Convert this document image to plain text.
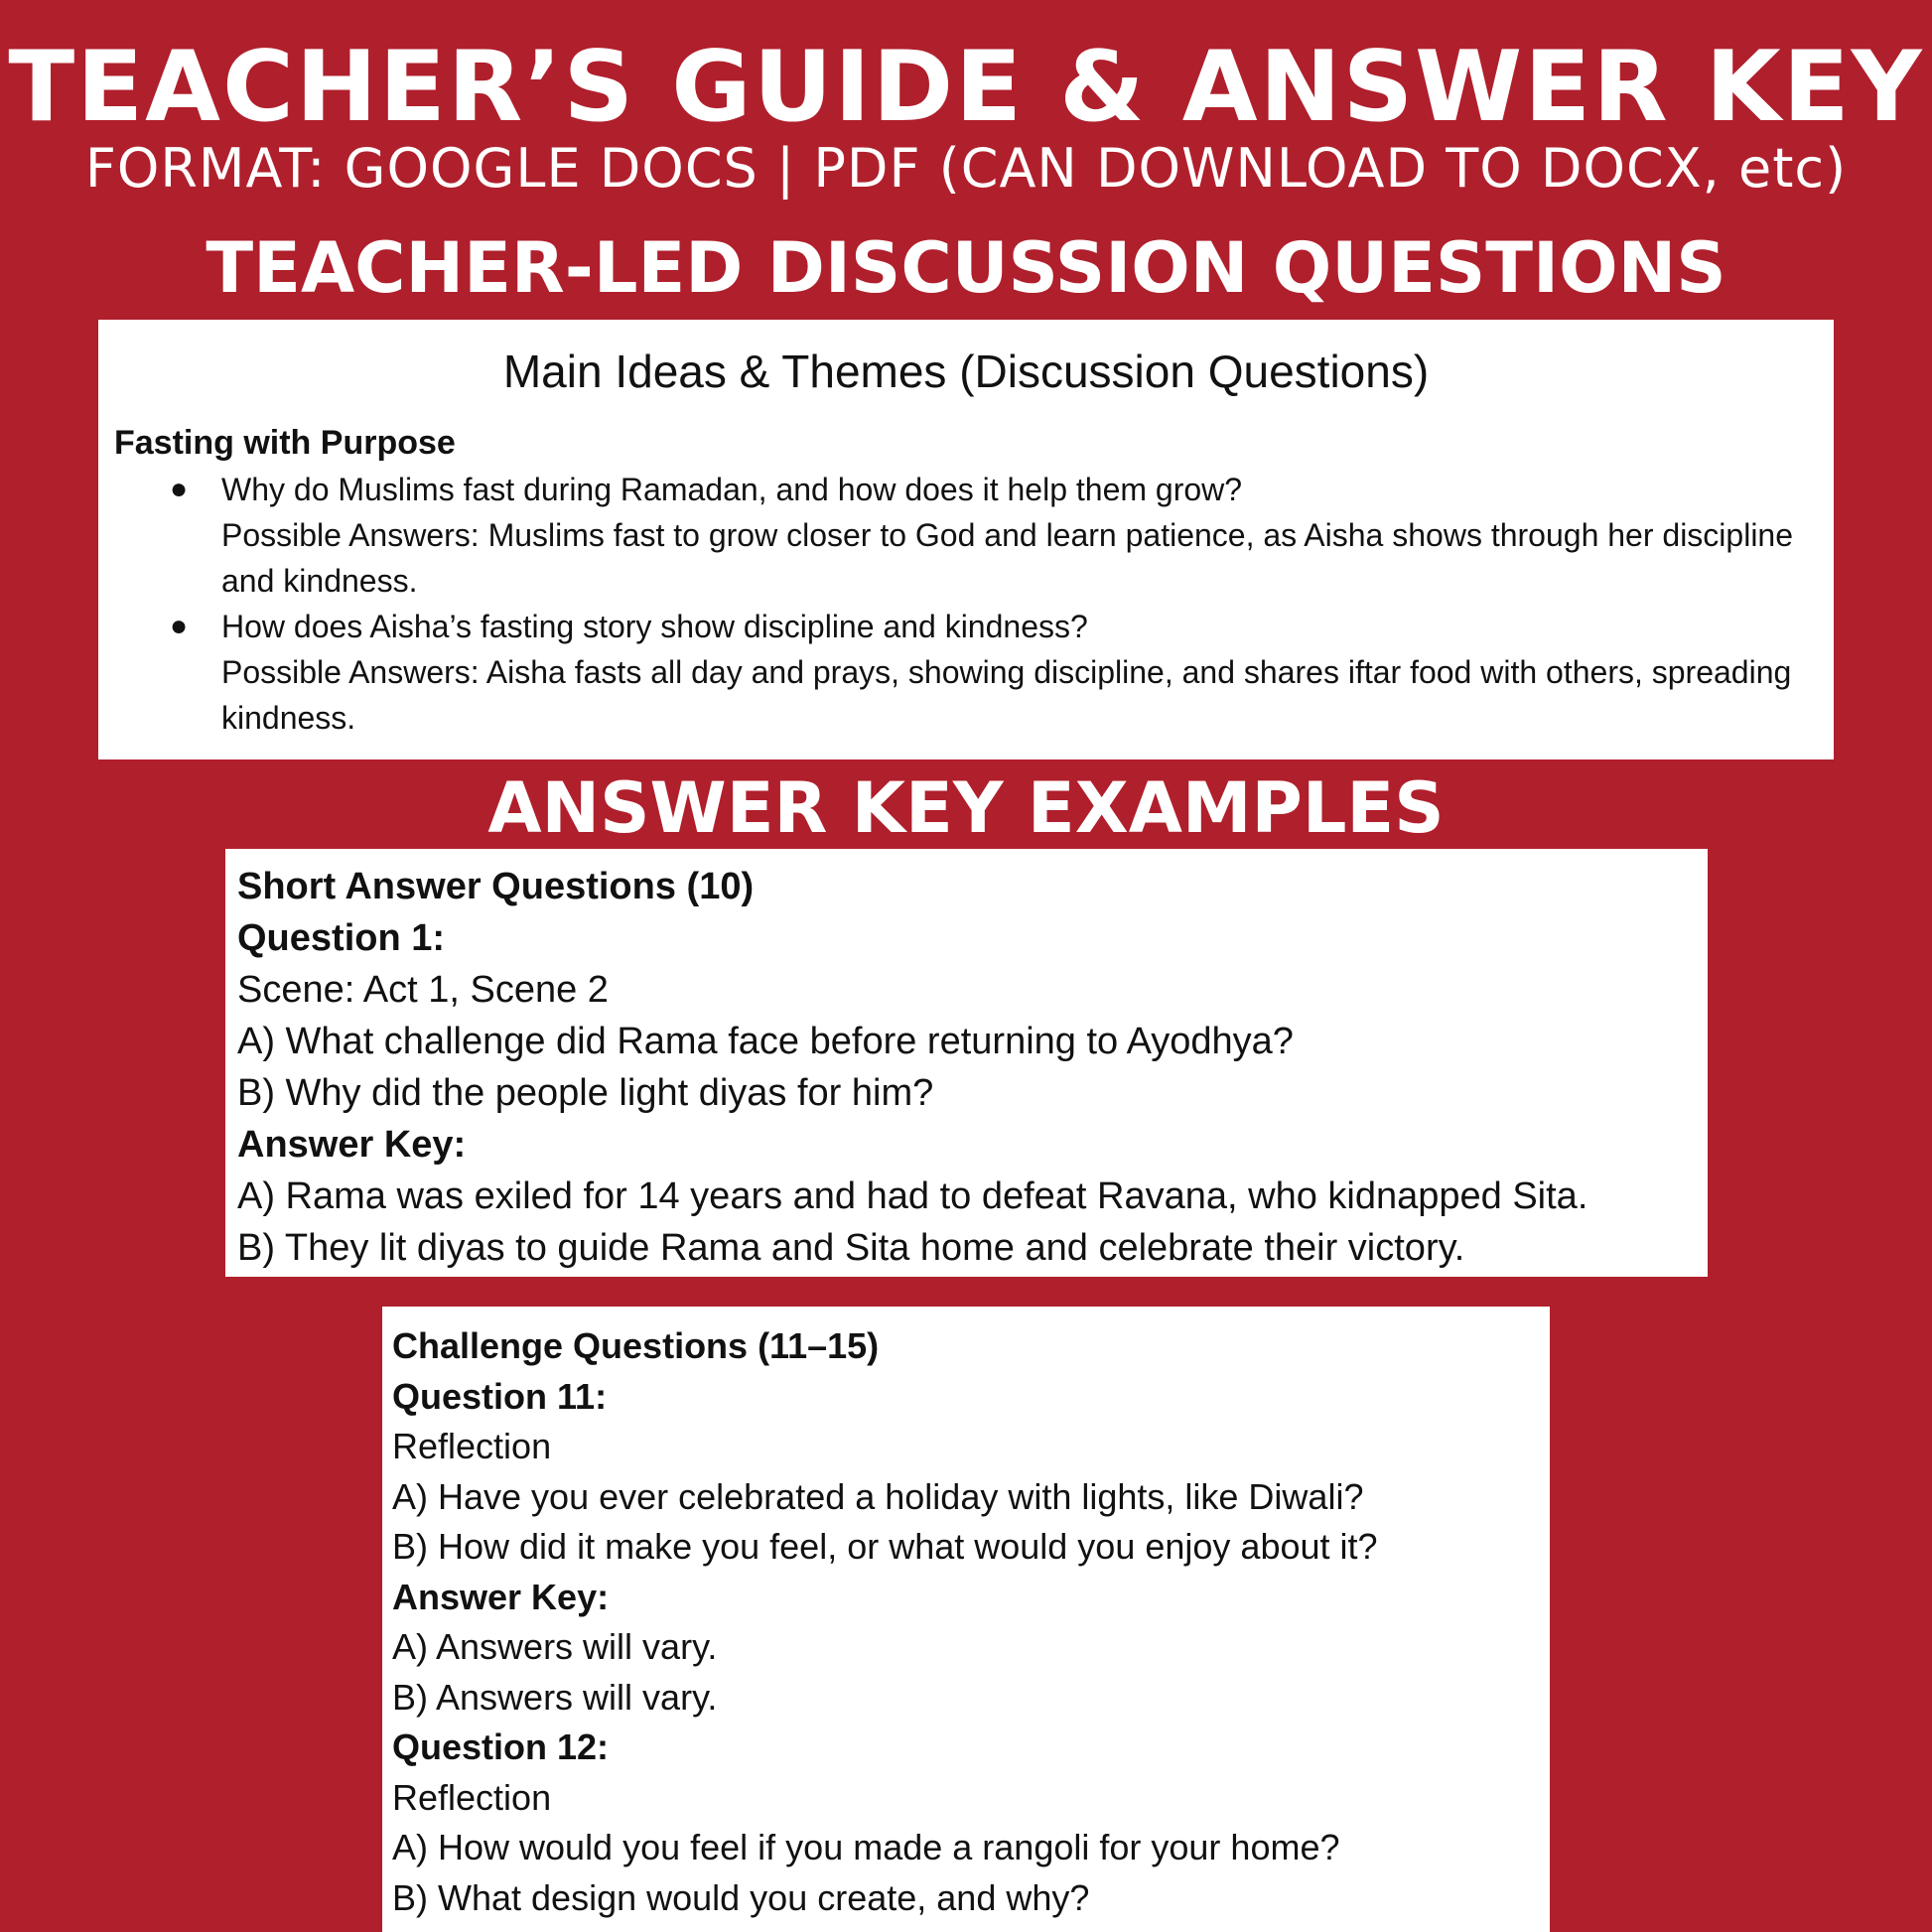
TEACHER’S GUIDE & ANSWER KEY
FORMAT: GOOGLE DOCS | PDF (CAN DOWNLOAD TO DOCX, etc)
TEACHER-LED DISCUSSION QUESTIONS
Main Ideas & Themes (Discussion Questions)
Fasting with Purpose
● Why do Muslims fast during Ramadan, and how does it help them grow?
Possible Answers: Muslims fast to grow closer to God and learn patience, as Aisha shows through her discipline and kindness.
● How does Aisha’s fasting story show discipline and kindness?
Possible Answers: Aisha fasts all day and prays, showing discipline, and shares iftar food with others, spreading kindness.
ANSWER KEY EXAMPLES
Short Answer Questions (10)
Question 1:
Scene: Act 1, Scene 2
A) What challenge did Rama face before returning to Ayodhya?
B) Why did the people light diyas for him?
Answer Key:
A) Rama was exiled for 14 years and had to defeat Ravana, who kidnapped Sita.
B) They lit diyas to guide Rama and Sita home and celebrate their victory.
Challenge Questions (11–15)
Question 11:
Reflection
A) Have you ever celebrated a holiday with lights, like Diwali?
B) How did it make you feel, or what would you enjoy about it?
Answer Key:
A) Answers will vary.
B) Answers will vary.
Question 12:
Reflection
A) How would you feel if you made a rangoli for your home?
B) What design would you create, and why?
